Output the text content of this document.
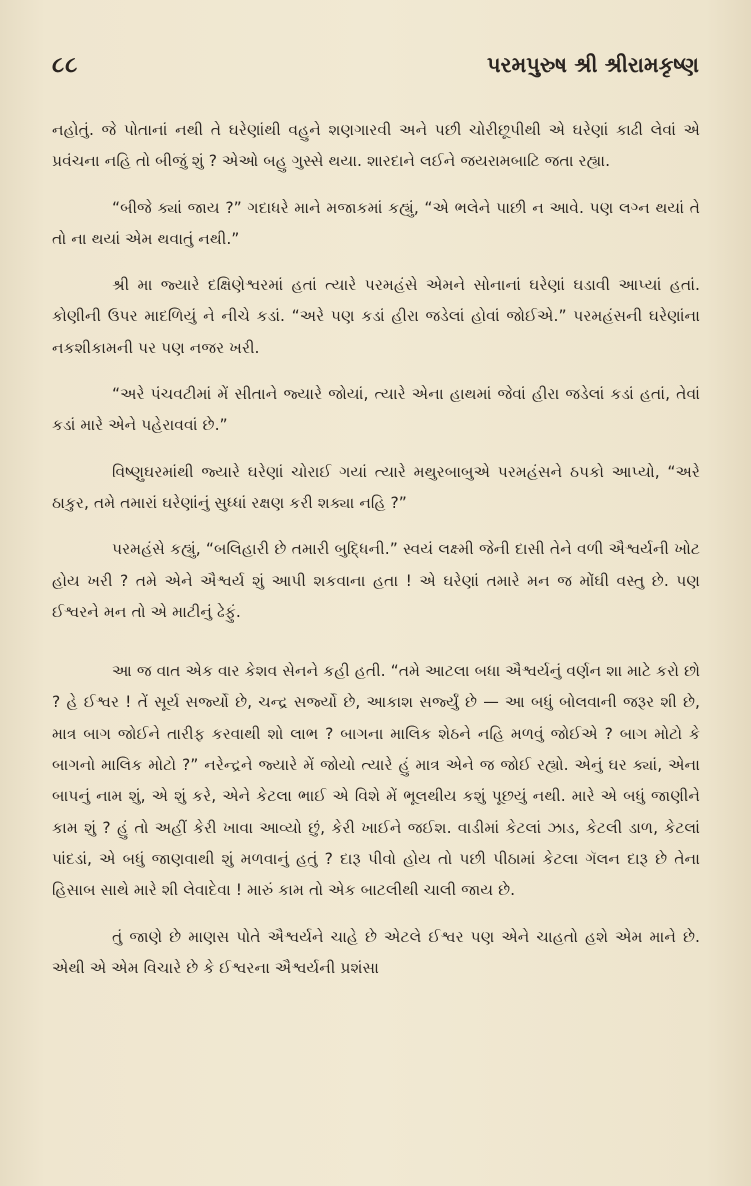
૮૮	પરમપુરુષ શ્રી શ્રીરામકૃષ્ણ

નહોતું. જે પોતાનાં નથી તે ઘરેણાંથી વહુને શણગારવી અને પછી ચોરીછૂપીથી એ ઘરેણાં કાઢી લેવાં એ પ્રવંચના નહિ તો બીજું શું ? એઓ બહુ ગુસ્સે થયા. શારદાને લઈને જયરામબાટિ જતા રહ્યા.

“બીજે ક્યાં જાય ?” ગદાધરે માને મજાકમાં કહ્યું, “એ ભલેને પાછી ન આવે. પણ લગ્ન થયાં તે તો ના થયાં એમ થવાતું નથી.”

શ્રી મા જ્યારે દક્ષિણેશ્વરમાં હતાં ત્યારે પરમહંસે એમને સોનાનાં ઘરેણાં ઘડાવી આપ્યાં હતાં. કોણીની ઉપર માદળિયું ને નીચે કડાં. “અરે પણ કડાં હીરા જડેલાં હોવાં જોઈએ.” પરમહંસની ઘરેણાંના નકશીકામની પર પણ નજર ખરી.

“અરે પંચવટીમાં મેં સીતાને જ્યારે જોયાં, ત્યારે એના હાથમાં જેવાં હીરા જડેલાં કડાં હતાં, તેવાં કડાં મારે એને પહેરાવવાં છે.”

વિષ્ણુઘરમાંથી જ્યારે ઘરેણાં ચોરાઈ ગયાં ત્યારે મથુરબાબુએ પરમહંસને ઠપકો આપ્યો, “અરે ઠાકુર, તમે તમારાં ઘરેણાંનું સુધ્ધાં રક્ષણ કરી શક્યા નહિ ?”

પરમહંસે કહ્યું, “બલિહારી છે તમારી બુદ્ધિની.” સ્વયં લક્ષ્મી જેની દાસી તેને વળી ઐશ્વર્યની ખોટ હોય ખરી ? તમે એને ઐશ્વર્ય શું આપી શકવાના હતા ! એ ઘરેણાં તમારે મન જ મોંઘી વસ્તુ છે. પણ ઈશ્વરને મન તો એ માટીનું ઢેફું.

આ જ વાત એક વાર કેશવ સેનને કહી હતી. “તમે આટલા બધા ઐશ્વર્યનું વર્ણન શા માટે કરો છો ? હે ઈશ્વર ! તેં સૂર્ય સર્જ્યો છે, ચન્દ્ર સર્જ્યો છે, આકાશ સર્જ્યું છે — આ બધું બોલવાની જરૂર શી છે, માત્ર બાગ જોઈને તારીફ કરવાથી શો લાભ ? બાગના માલિક શેઠને નહિ મળવું જોઈએ ? બાગ મોટો કે બાગનો માલિક મોટો ?” નરેન્દ્રને જ્યારે મેં જોયો ત્યારે હું માત્ર એને જ જોઈ રહ્યો. એનું ઘર ક્યાં, એના બાપનું નામ શું, એ શું કરે, એને કેટલા ભાઈ એ વિશે મેં ભૂલથીય કશું પૂછયું નથી. મારે એ બધું જાણીને કામ શું ? હું તો અહીં કેરી ખાવા આવ્યો છું, કેરી ખાઈને જઈશ. વાડીમાં કેટલાં ઝાડ, કેટલી ડાળ, કેટલાં પાંદડાં, એ બધું જાણવાથી શું મળવાનું હતું ? દારૂ પીવો હોય તો પછી પીઠામાં કેટલા ગૅલન દારૂ છે તેના હિસાબ સાથે મારે શી લેવાદેવા ! મારું કામ તો એક બાટલીથી ચાલી જાય છે.

તું જાણે છે માણસ પોતે ઐશ્વર્યને ચાહે છે એટલે ઈશ્વર પણ એને ચાહતો હશે એમ માને છે. એથી એ એમ વિચારે છે કે ઈશ્વરના ઐશ્વર્યની પ્રશંસા
